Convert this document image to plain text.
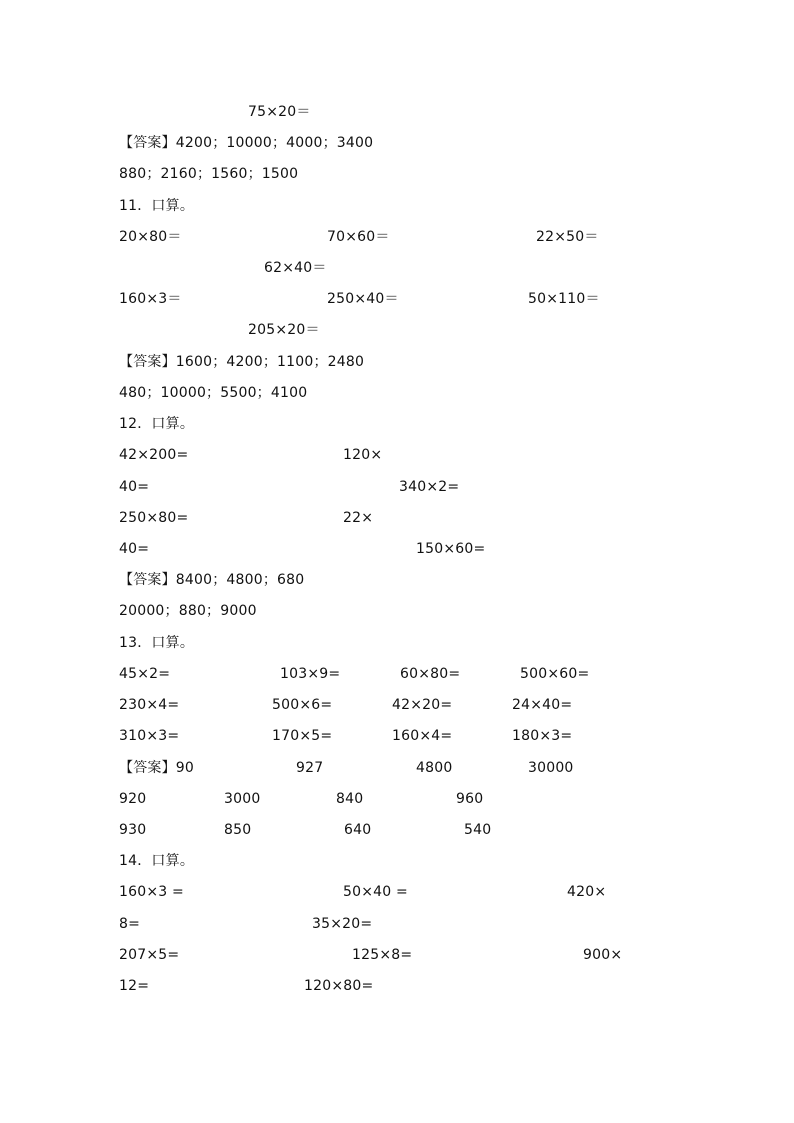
75×20＝
【答案】4200；10000；4000；3400
880；2160；1560；1500
11．口算。
20×80＝	70×60＝	22×50＝
62×40＝
160×3＝	250×40＝	50×110＝
205×20＝
【答案】1600；4200；1100；2480
480；10000；5500；4100
12．口算。
42×200=	120×
40=	340×2=
250×80=	22×
40=	150×60=
【答案】8400；4800；680
20000；880；9000
13．口算。
45×2=	103×9=	60×80=	500×60=
230×4=	500×6=	42×20=	24×40=
310×3=	170×5=	160×4=	180×3=
【答案】90	927	4800	30000
920	3000	840	960
930	850	640	540
14．口算。
160×3 =	50×40 =	420×
8=	35×20=
207×5=	125×8=	900×
12=	120×80=
